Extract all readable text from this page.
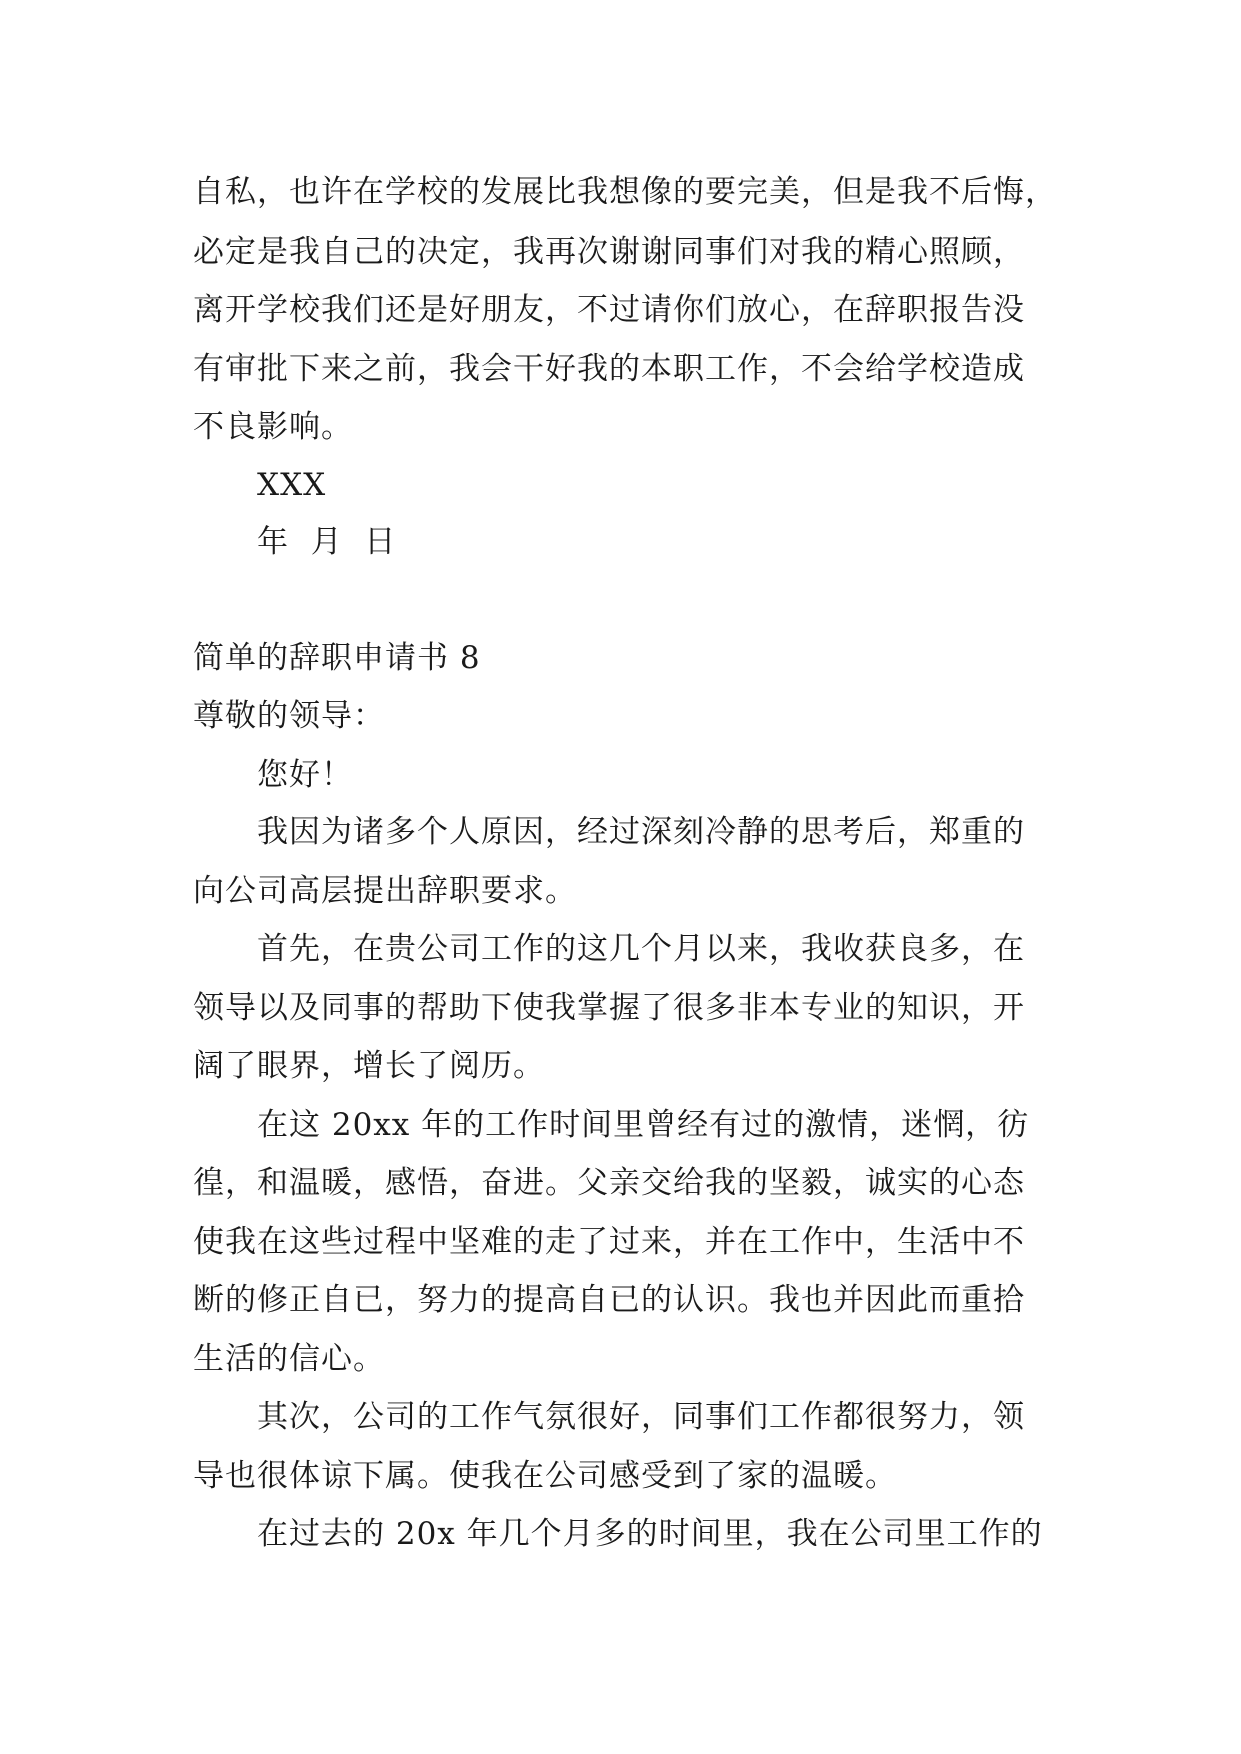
自私，也许在学校的发展比我想像的要完美，但是我不后悔，
必定是我自己的决定，我再次谢谢同事们对我的精心照顾，
离开学校我们还是好朋友，不过请你们放心，在辞职报告没
有审批下来之前，我会干好我的本职工作，不会给学校造成
不良影响。
XXX
年  月  日
简单的辞职申请书 8
尊敬的领导：
您好！
我因为诸多个人原因，经过深刻冷静的思考后，郑重的
向公司高层提出辞职要求。
首先，在贵公司工作的这几个月以来，我收获良多，在
领导以及同事的帮助下使我掌握了很多非本专业的知识，开
阔了眼界，增长了阅历。
在这 20xx 年的工作时间里曾经有过的激情，迷惘，彷
徨，和温暖，感悟，奋进。父亲交给我的坚毅，诚实的心态
使我在这些过程中坚难的走了过来，并在工作中，生活中不
断的修正自已，努力的提高自已的认识。我也并因此而重拾
生活的信心。
其次，公司的工作气氛很好，同事们工作都很努力，领
导也很体谅下属。使我在公司感受到了家的温暖。
在过去的 20x 年几个月多的时间里，我在公司里工作的
